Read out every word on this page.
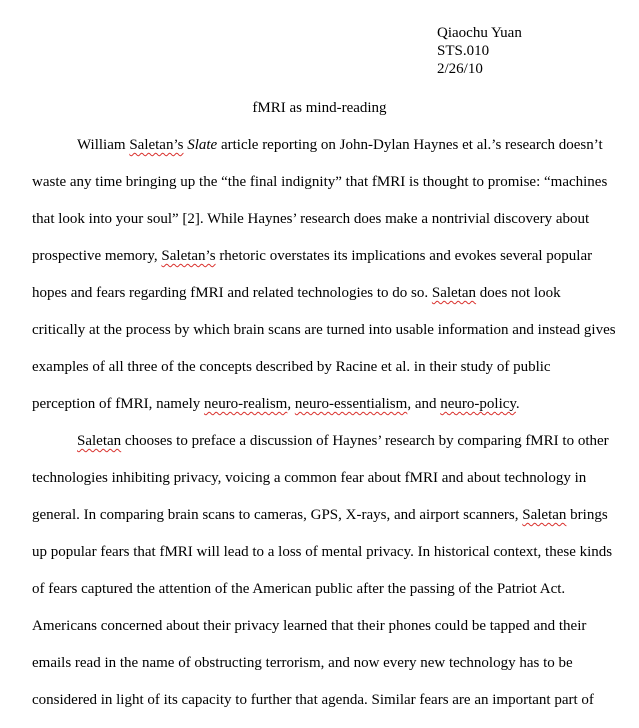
Qiaochu Yuan
STS.010
2/26/10
fMRI as mind-reading
William Saletan’s Slate article reporting on John-Dylan Haynes et al.’s research doesn’t
waste any time bringing up the “the final indignity” that fMRI is thought to promise: “machines
that look into your soul” [2]. While Haynes’ research does make a nontrivial discovery about
prospective memory, Saletan’s rhetoric overstates its implications and evokes several popular
hopes and fears regarding fMRI and related technologies to do so. Saletan does not look
critically at the process by which brain scans are turned into usable information and instead gives
examples of all three of the concepts described by Racine et al. in their study of public
perception of fMRI, namely neuro-realism, neuro-essentialism, and neuro-policy.
Saletan chooses to preface a discussion of Haynes’ research by comparing fMRI to other
technologies inhibiting privacy, voicing a common fear about fMRI and about technology in
general. In comparing brain scans to cameras, GPS, X-rays, and airport scanners, Saletan brings
up popular fears that fMRI will lead to a loss of mental privacy. In historical context, these kinds
of fears captured the attention of the American public after the passing of the Patriot Act.
Americans concerned about their privacy learned that their phones could be tapped and their
emails read in the name of obstructing terrorism, and now every new technology has to be
considered in light of its capacity to further that agenda. Similar fears are an important part of
